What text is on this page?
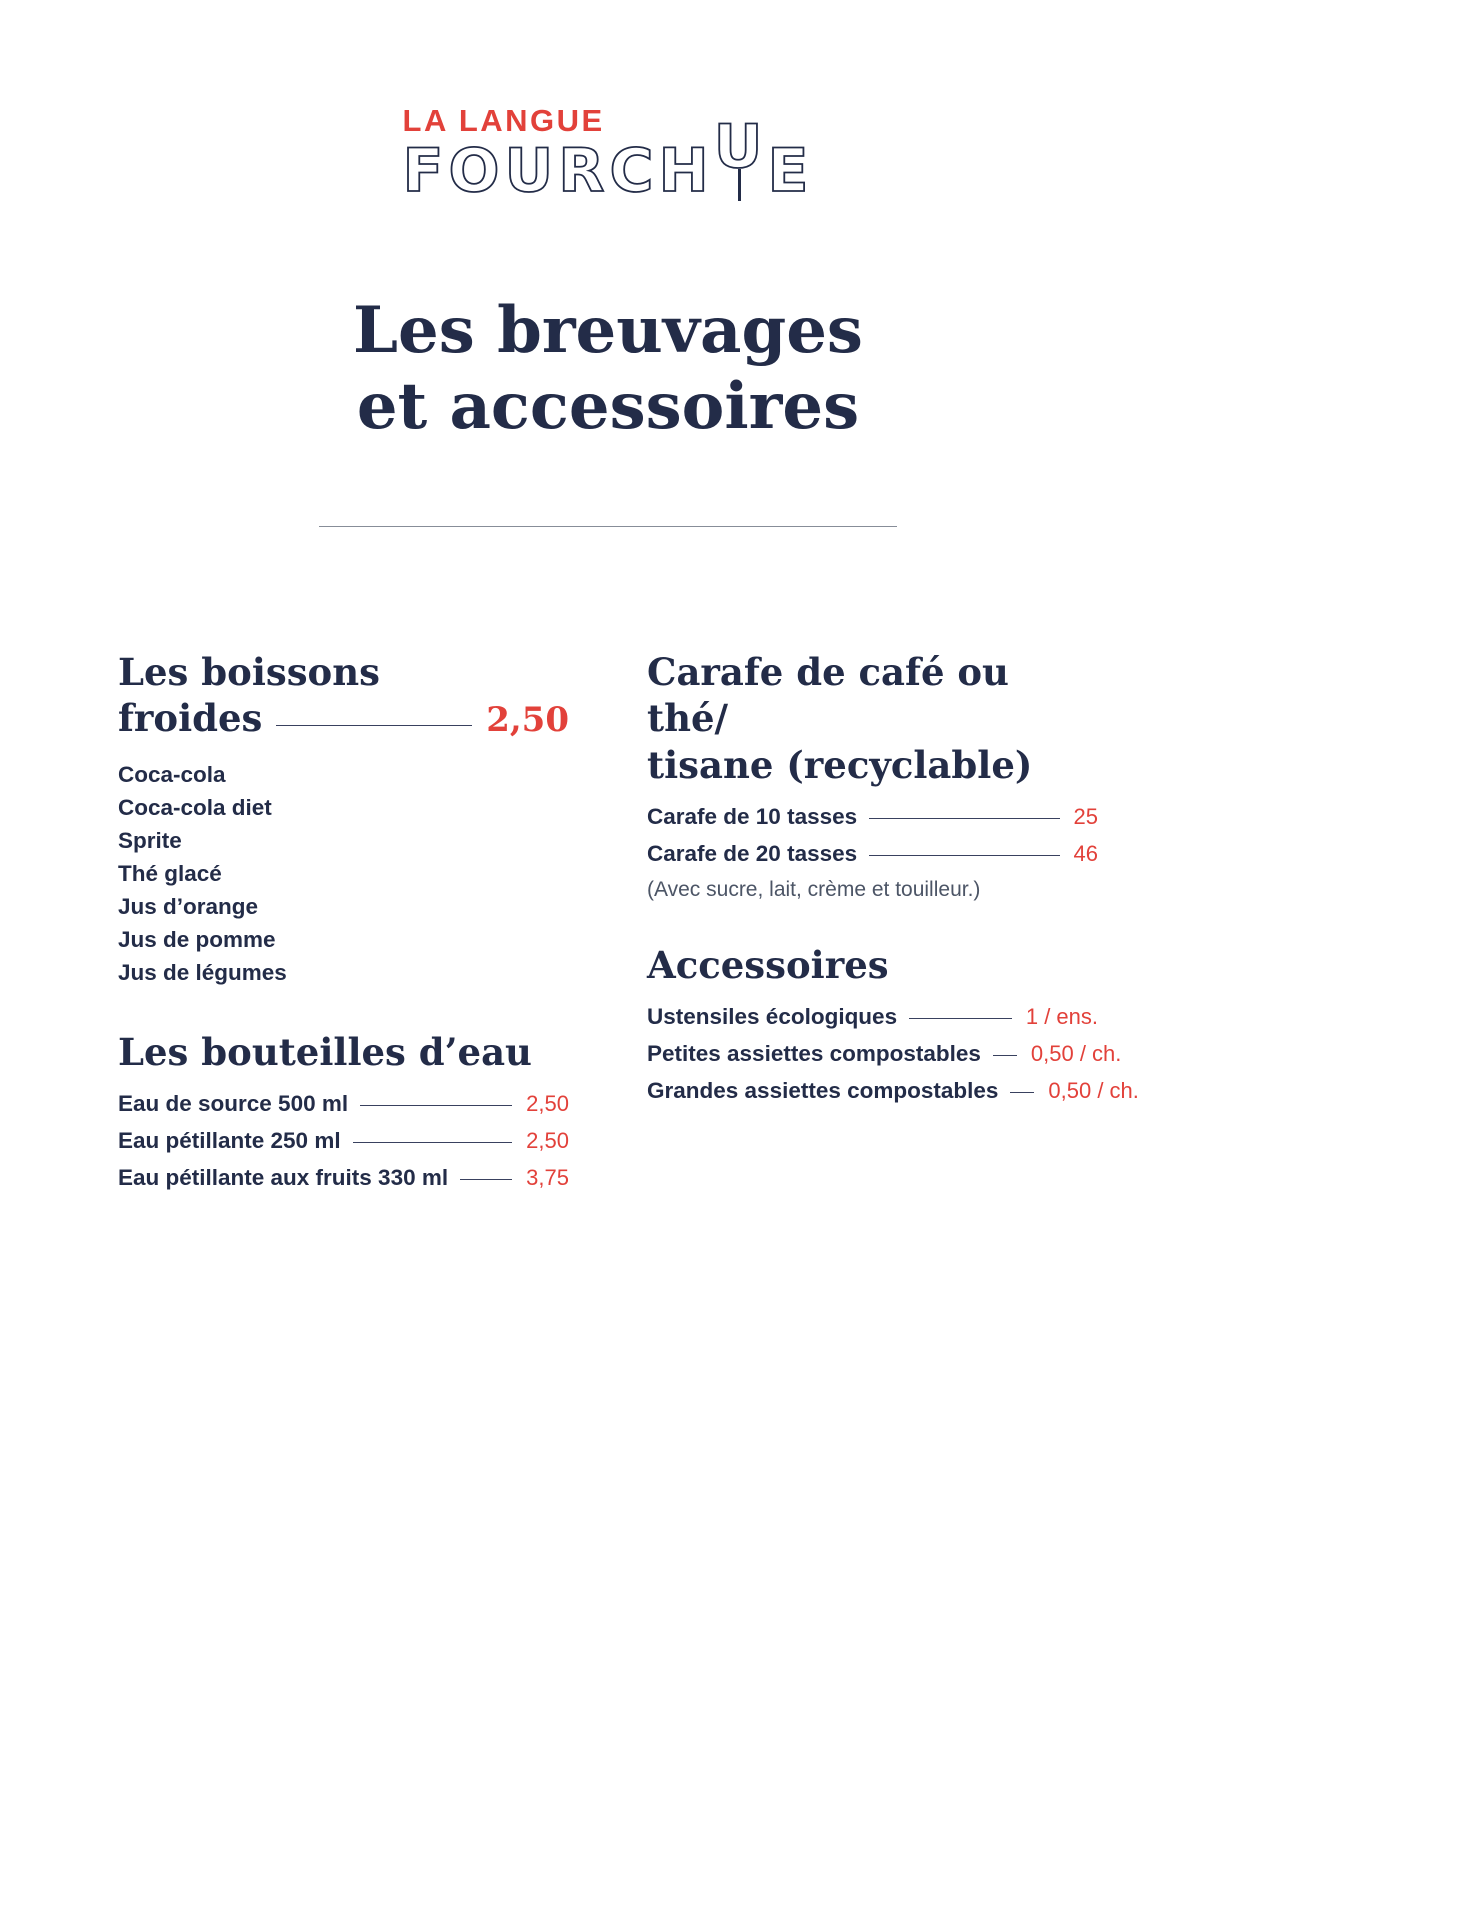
LA LANGUE
FOURCHUE
Les breuvages
et accessoires
Les boissons
froides	2,50
Coca-cola
Coca-cola diet
Sprite
Thé glacé
Jus d’orange
Jus de pomme
Jus de légumes
Les bouteilles d’eau
Eau de source 500 ml	2,50
Eau pétillante 250 ml	2,50
Eau pétillante aux fruits 330 ml	3,75
Carafe de café ou thé/
tisane (recyclable)
Carafe de 10 tasses	25
Carafe de 20 tasses	46
(Avec sucre, lait, crème et touilleur.)
Accessoires
Ustensiles écologiques	1 / ens.
Petites assiettes compostables 0,50 / ch.
Grandes assiettes compostables 0,50 / ch.
